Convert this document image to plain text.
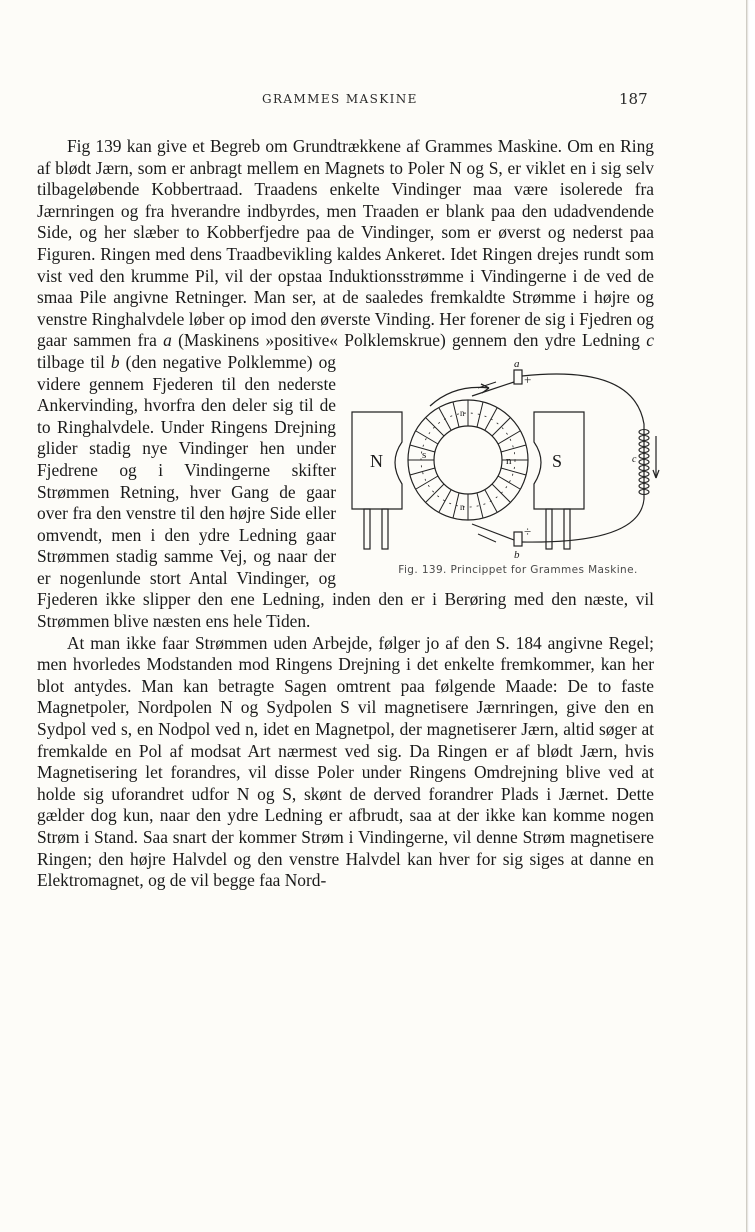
GRAMMES MASKINE	187

Fig 139 kan give et Begreb om Grundtrækkene af Grammes Maskine. Om en Ring af blødt Jærn, som er anbragt mellem en Magnets to Poler N og S, er viklet en i sig selv tilbageløbende Kobbertraad. Traadens enkelte Vindinger maa være isolerede fra Jærnringen og fra hverandre indbyrdes, men Traaden er blank paa den udadvendende Side, og her slæber to Kobberfjedre paa de Vindinger, som er øverst og nederst paa Figuren. Ringen med dens Traadbevikling kaldes Ankeret. Idet Ringen drejes rundt som vist ved den krumme Pil, vil der opstaa Induktionsstrømme i Vindingerne i de ved de smaa Pile angivne Retninger. Man ser, at de saaledes fremkaldte Strømme i højre og venstre Ringhalvdele løber op imod den øverste Vinding. Her forener de sig i Fjedren og gaar sammen fra a (Maskinens »positive« Polklemskrue) gennem den ydre Ledning
N	S
a
+
b
÷
c
s	n
n
n
Fig. 139. Princippet for Grammes Maskine.
c tilbage til b (den negative Polklemme) og videre gennem Fjederen til den nederste Ankervinding, hvorfra den deler sig til de to Ringhalvdele. Under Ringens Drejning glider stadig nye Vindinger hen under Fjedrene og i Vindingerne skifter Strømmen Retning, hver Gang de gaar over fra den venstre til den højre Side eller omvendt, men i den ydre Ledning gaar Strømmen stadig samme Vej, og naar der er nogenlunde stort Antal Vindinger, og Fjederen ikke slipper den ene Ledning, inden den er i Berøring med den næste, vil Strømmen blive næsten ens hele Tiden.

At man ikke faar Strømmen uden Arbejde, følger jo af den S. 184 angivne Regel; men hvorledes Modstanden mod Ringens Drejning i det enkelte fremkommer, kan her blot antydes. Man kan betragte Sagen omtrent paa følgende Maade: De to faste Magnetpoler, Nordpolen N og Sydpolen S vil magnetisere Jærnringen, give den en Sydpol ved s, en Nodpol ved n, idet en Magnetpol, der magnetiserer Jærn, altid søger at fremkalde en Pol af modsat Art nærmest ved sig. Da Ringen er af blødt Jærn, hvis Magnetisering let forandres, vil disse Poler under Ringens Omdrejning blive ved at holde sig uforandret udfor N og S, skønt de derved forandrer Plads i Jærnet. Dette gælder dog kun, naar den ydre Ledning er afbrudt, saa at der ikke kan komme nogen Strøm i Stand. Saa snart der kommer Strøm i Vindingerne, vil denne Strøm magnetisere Ringen; den højre Halvdel og den venstre Halvdel kan hver for sig siges at danne en Elektromagnet, og de vil begge faa Nord-
